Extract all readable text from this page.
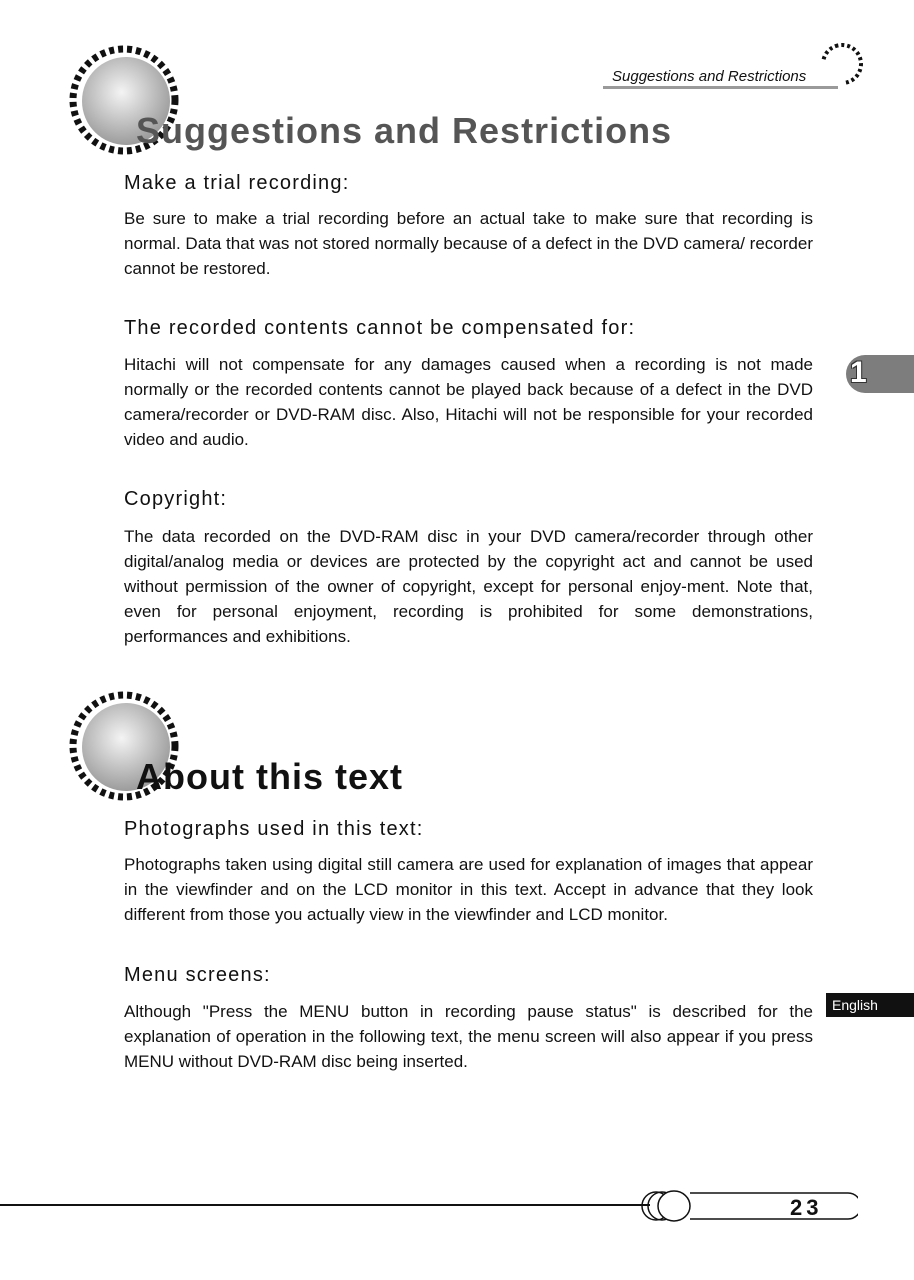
Suggestions and Restrictions
Suggestions and Restrictions
Make a trial recording:
Be sure to make a trial recording before an actual take to make sure that recording is normal. Data that was not stored normally because of a defect in the DVD camera/ recorder cannot be restored.
The recorded contents cannot be compensated for:
Hitachi will not compensate for any damages caused when a recording is not made normally or the recorded contents cannot be played back because of a defect in the DVD camera/recorder or DVD-RAM disc. Also, Hitachi will not be responsible for your recorded video and audio.
Copyright:
The data recorded on the DVD-RAM disc in your DVD camera/recorder through other digital/analog media or devices are protected by the copyright act and cannot be used without permission of the owner of copyright, except for personal enjoy-ment. Note that, even for personal enjoyment, recording is prohibited for some demonstrations, performances and exhibitions.
About this text
Photographs used in this text:
Photographs taken using digital still camera are used for explanation of images that appear in the viewfinder and on the LCD monitor in this text. Accept in advance that they look different from those you actually view in the viewfinder and LCD monitor.
Menu screens:
Although "Press the MENU button in recording pause status" is described for the explanation of operation in the following text, the menu screen will also appear if you press MENU without DVD-RAM disc being inserted.
1
English
23
